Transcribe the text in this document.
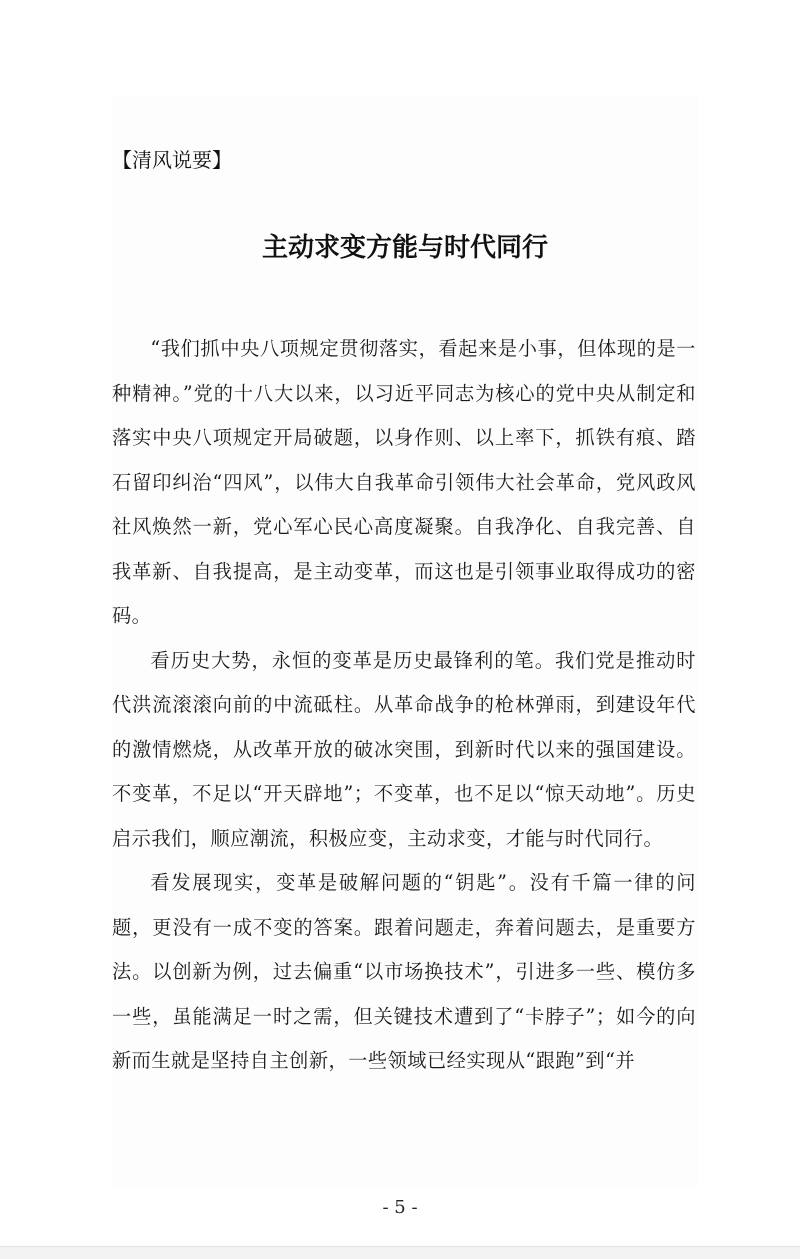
【清风说要】
主动求变方能与时代同行

“我们抓中央八项规定贯彻落实，看起来是小事，但体现的是一种精神。”党的十八大以来，以习近平同志为核心的党中央从制定和落实中央八项规定开局破题，以身作则、以上率下，抓铁有痕、踏石留印纠治“四风”，以伟大自我革命引领伟大社会革命，党风政风社风焕然一新，党心军心民心高度凝聚。自我净化、自我完善、自我革新、自我提高，是主动变革，而这也是引领事业取得成功的密码。

看历史大势，永恒的变革是历史最锋利的笔。我们党是推动时代洪流滚滚向前的中流砥柱。从革命战争的枪林弹雨，到建设年代的激情燃烧，从改革开放的破冰突围，到新时代以来的强国建设。不变革，不足以“开天辟地”；不变革，也不足以“惊天动地”。历史启示我们，顺应潮流，积极应变，主动求变，才能与时代同行。

看发展现实，变革是破解问题的“钥匙”。没有千篇一律的问题，更没有一成不变的答案。跟着问题走，奔着问题去，是重要方法。以创新为例，过去偏重“以市场换技术”，引进多一些、模仿多一些，虽能满足一时之需，但关键技术遭到了“卡脖子”；如今的向新而生就是坚持自主创新，一些领域已经实现从“跟跑”到“并

- 5 -
